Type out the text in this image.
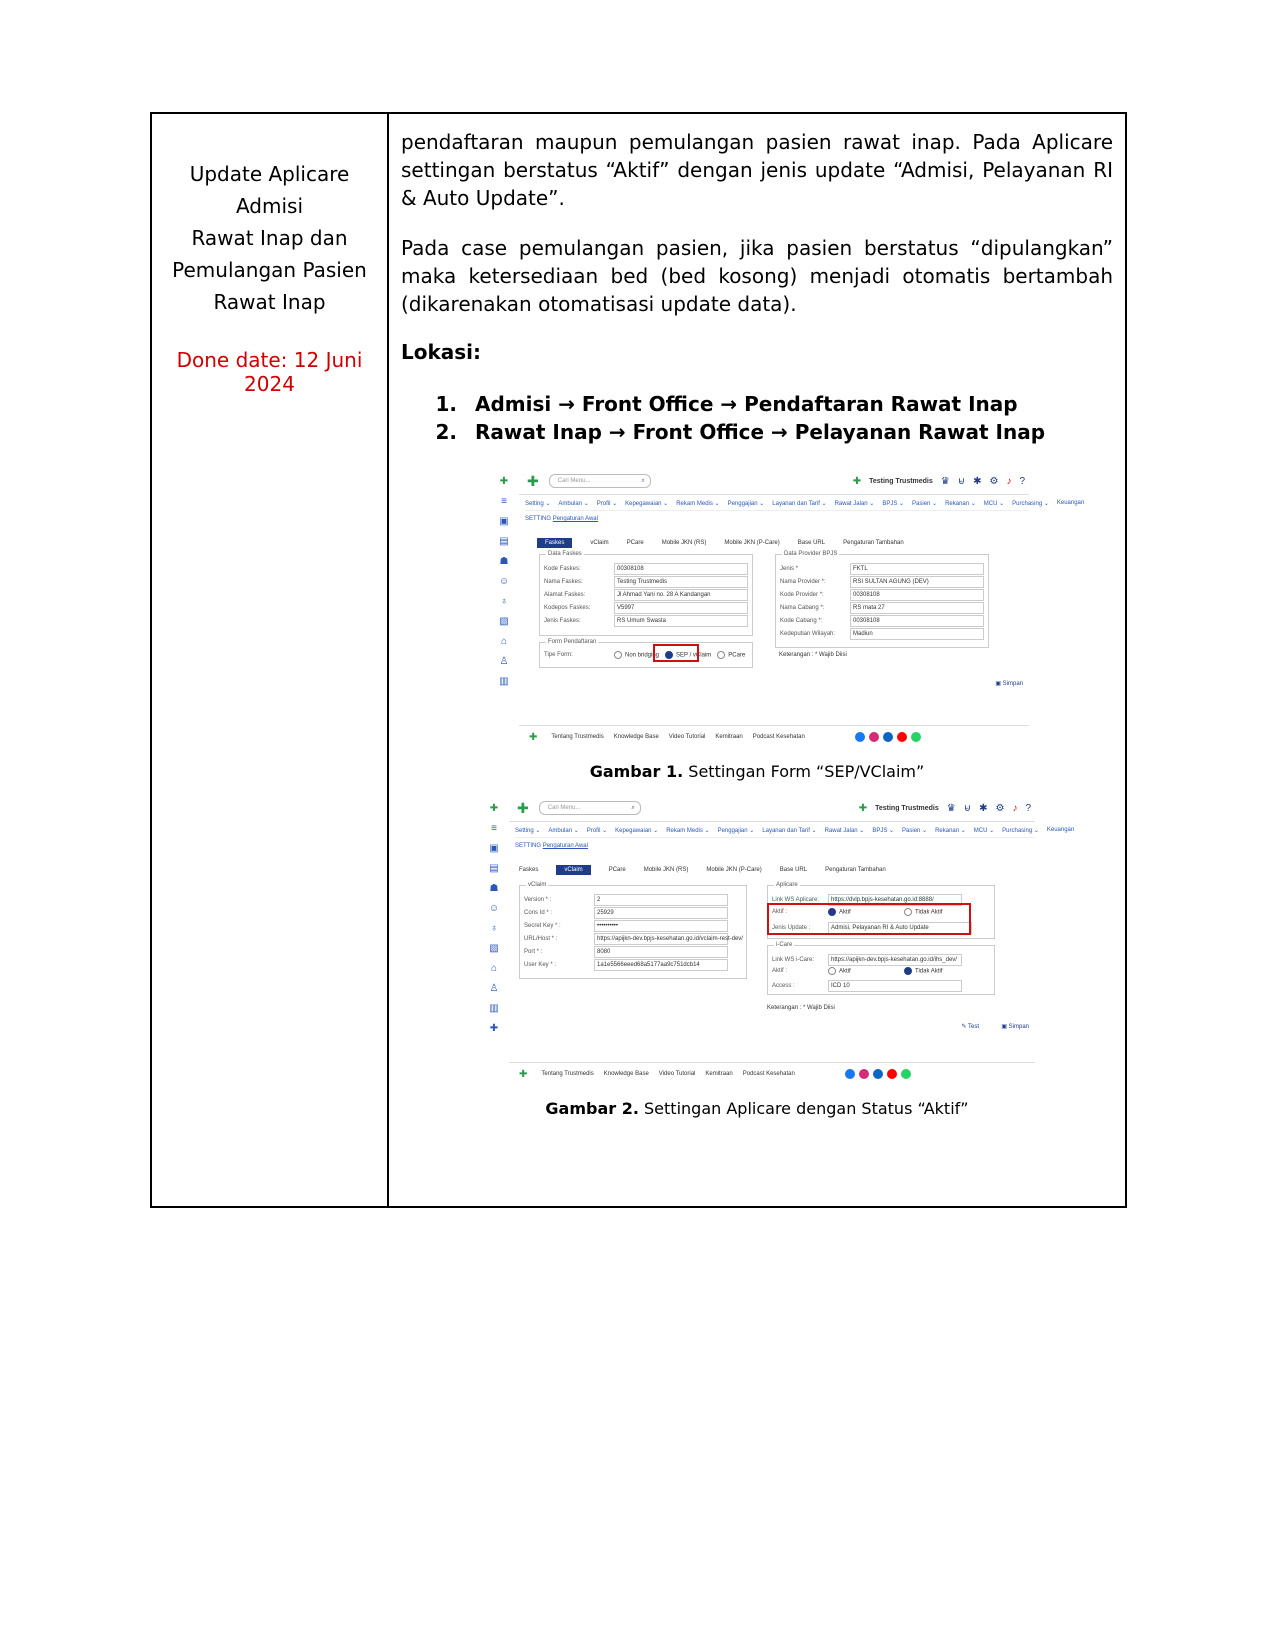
Update Aplicare Admisi
Rawat Inap dan
Pemulangan Pasien
Rawat Inap
Done date: 12 Juni 2024

pendaftaran maupun pemulangan pasien rawat inap. Pada Aplicare settingan berstatus “Aktif” dengan jenis update “Admisi, Pelayanan RI & Auto Update”.

Pada case pemulangan pasien, jika pasien berstatus “dipulangkan” maka ketersediaan bed (bed kosong) menjadi otomatis bertambah (dikarenakan otomatisasi update data).

Lokasi:

1. Admisi → Front Office → Pendaftaran Rawat Inap
2. Rawat Inap → Front Office → Pelayanan Rawat Inap
✚
≡
▣
▤
☗
☺
♁
▧
⌂
♙
▥
✚	Cari Menu...	⌕	✚ Testing Trustmedis ♛ ⊌ ✱ ⚙ ♪ ?
Setting ⌄ Ambulan ⌄ Profil ⌄ Kepegawaian ⌄ Rekam Medis ⌄ Penggajian ⌄ Layanan dan Tarif ⌄ Rawat Jalan ⌄ BPJS ⌄ Pasien ⌄ Rekanan ⌄ MCU ⌄ Purchasing ⌄ Keuangan
SETTING Pengaturan Awal
Faskes	vClaim	PCare	Mobile JKN (RS)	Mobile JKN (P-Care)	Base URL	Pengaturan Tambahan
Data Faskes
Kode Faskes:	00308108
Nama Faskes:	Testing Trustmedis
Alamat Faskes:	Jl Ahmad Yani no. 28 A Kandangan
Kodepos Faskes:	V5997
Jenis Faskes:	RS Umum Swasta
Data Provider BPJS
Jenis *	FKTL
Nama Provider *:	RSI SULTAN AGUNG (DEV)
Kode Provider *:	00308108
Nama Cabang *:	RS mata 27
Kode Cabang *:	00308108
Kedeputian Wilayah:	Madiun
Form Pendaftaran
Tipe Form:	Non bridging	SEP / vClaim	PCare	Keterangan : * Wajib Diisi
▣ Simpan
✚ Tentang Trustmedis Knowledge Base Video Tutorial Kemitraan Podcast Kesehatan

Gambar 1. Settingan Form “SEP/VClaim”

✚
≡
▣
▤
☗
☺
♁
▧
⌂
♙
▥
✚
✚	Cari Menu...	⌕	✚ Testing Trustmedis ♛ ⊌ ✱ ⚙ ♪ ?
Setting ⌄ Ambulan ⌄ Profil ⌄ Kepegawaian ⌄ Rekam Medis ⌄ Penggajian ⌄ Layanan dan Tarif ⌄ Rawat Jalan ⌄ BPJS ⌄ Pasien ⌄ Rekanan ⌄ MCU ⌄ Purchasing ⌄ Keuangan
SETTING Pengaturan Awal
Faskes	vClaim	PCare	Mobile JKN (RS)	Mobile JKN (P-Care)	Base URL	Pengaturan Tambahan
vClaim
Version * :	2
Cons Id * :	25929
Secret Key * :	••••••••••
URL/Host * :	https://apijkn-dev.bpjs-kesehatan.go.id/vclaim-rest-dev/
Port * :	8080
User Key * :	1a1e5566eeed68a5177aa9c751dcb14
Aplicare
Link WS Aplicare:	https://dvlp.bpjs-kesehatan.go.id:8888/
Aktif :	Aktif	Tidak Aktif
Jenis Update :	Admisi, Pelayanan RI & Auto Update
i-Care
Link WS i-Care:	https://apijkn-dev.bpjs-kesehatan.go.id/ihs_dev/
Aktif :	Aktif	Tidak Aktif
Access :	ICD 10
Keterangan : * Wajib Diisi
✎ Test	▣ Simpan
✚ Tentang Trustmedis Knowledge Base Video Tutorial Kemitraan Podcast Kesehatan

Gambar 2. Settingan Aplicare dengan Status “Aktif”
